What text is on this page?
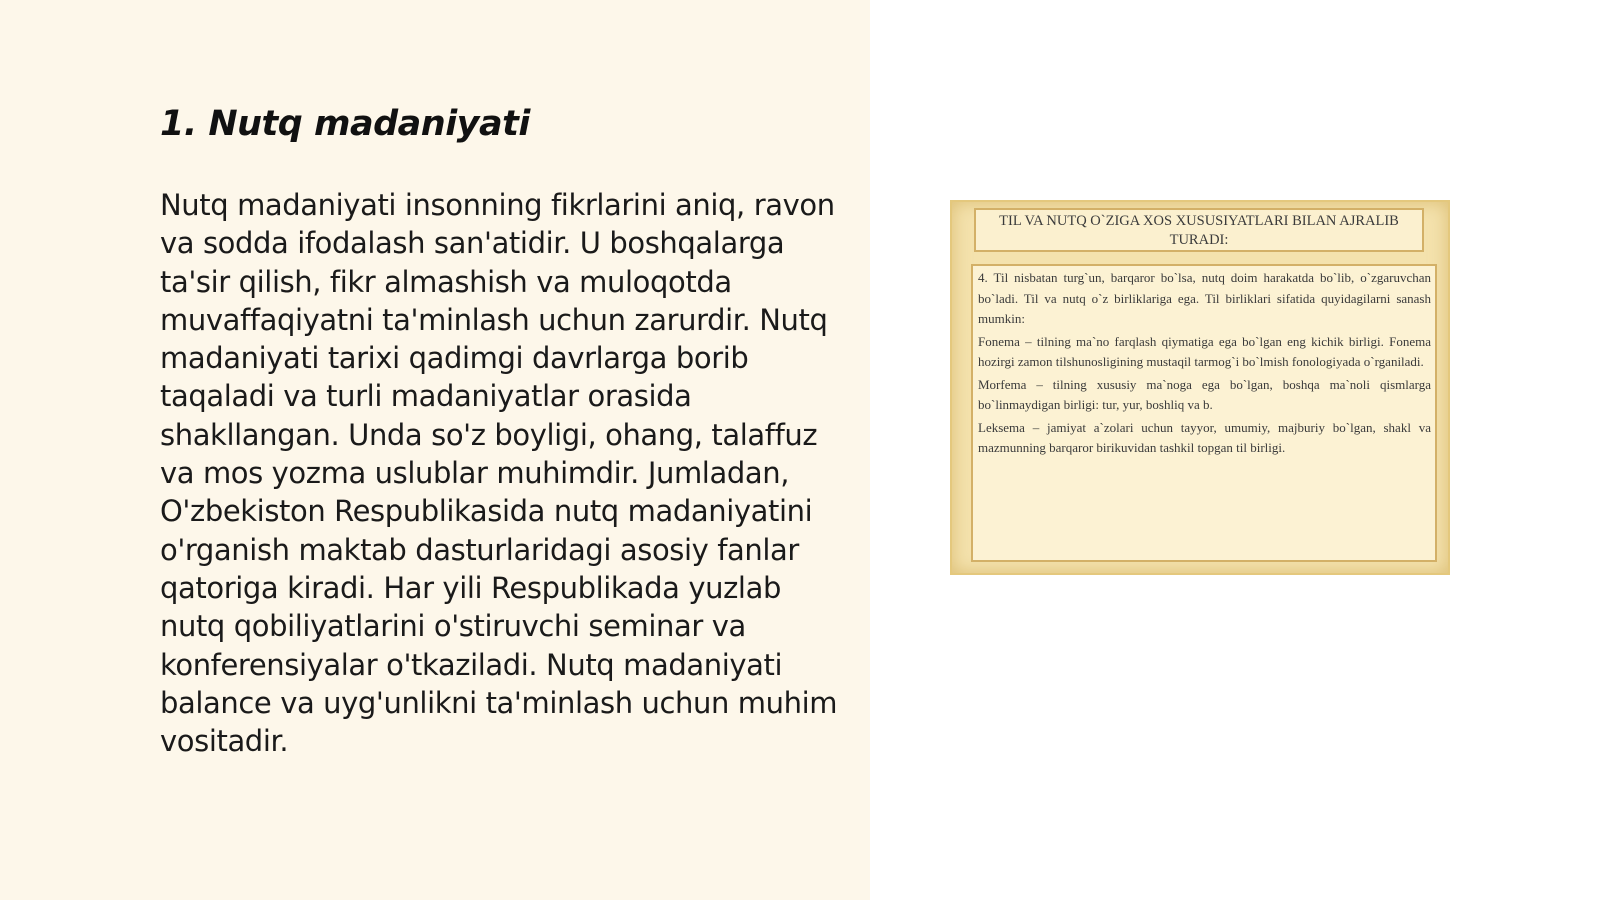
1. Nutq madaniyati

Nutq madaniyati insonning fikrlarini aniq, ravon va sodda ifodalash san'atidir. U boshqalarga ta'sir qilish, fikr almashish va muloqotda muvaffaqiyatni ta'minlash uchun zarurdir. Nutq madaniyati tarixi qadimgi davrlarga borib taqaladi va turli madaniyatlar orasida shakllangan. Unda so'z boyligi, ohang, talaffuz va mos yozma uslublar muhimdir. Jumladan, O'zbekiston Respublikasida nutq madaniyatini o'rganish maktab dasturlaridagi asosiy fanlar qatoriga kiradi. Har yili Respublikada yuzlab nutq qobiliyatlarini o'stiruvchi seminar va konferensiyalar o'tkaziladi. Nutq madaniyati balance va uyg'unlikni ta'minlash uchun muhim vositadir.

TIL VA NUTQ O`ZIGA XOS XUSUSIYATLARI BILAN AJRALIB TURADI:

4. Til nisbatan turg`un, barqaror bo`lsa, nutq doim harakatda bo`lib, o`zgaruvchan bo`ladi. Til va nutq o`z birliklariga ega. Til birliklari sifatida quyidagilarni sanash mumkin:

Fonema – tilning ma`no farqlash qiymatiga ega bo`lgan eng kichik birligi. Fonema hozirgi zamon tilshunosligining mustaqil tarmog`i bo`lmish fonologiyada o`rganiladi.

Morfema – tilning xususiy ma`noga ega bo`lgan, boshqa ma`noli qismlarga bo`linmaydigan birligi: tur, yur, boshliq va b.

Leksema – jamiyat a`zolari uchun tayyor, umumiy, majburiy bo`lgan, shakl va mazmunning barqaror birikuvidan tashkil topgan til birligi.
